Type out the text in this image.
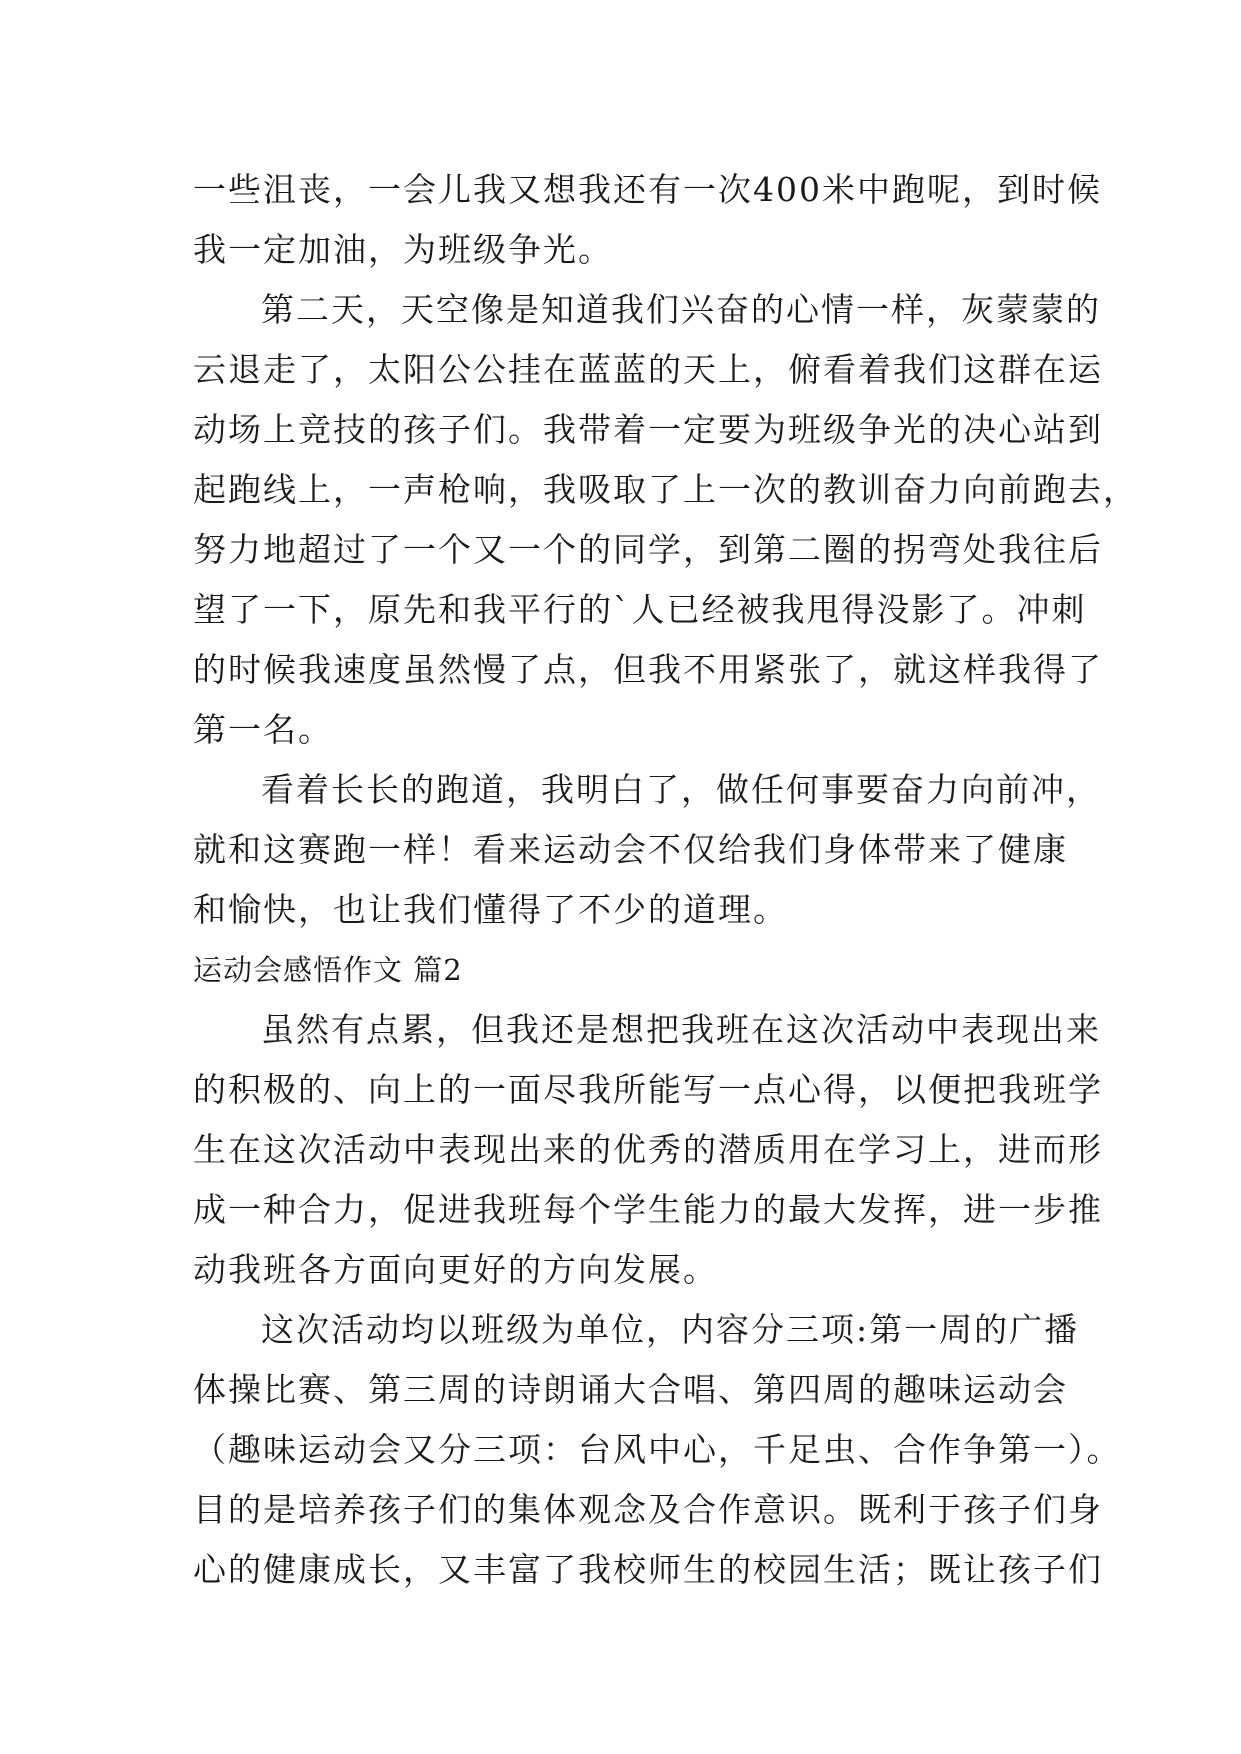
一些沮丧，一会儿我又想我还有一次400米中跑呢，到时候
我一定加油，为班级争光。
第二天，天空像是知道我们兴奋的心情一样，灰蒙蒙的
云退走了，太阳公公挂在蓝蓝的天上，俯看着我们这群在运
动场上竞技的孩子们。我带着一定要为班级争光的决心站到
起跑线上，一声枪响，我吸取了上一次的教训奋力向前跑去，
努力地超过了一个又一个的同学，到第二圈的拐弯处我往后
望了一下，原先和我平行的`人已经被我甩得没影了。冲刺
的时候我速度虽然慢了点，但我不用紧张了，就这样我得了
第一名。
看着长长的跑道，我明白了，做任何事要奋力向前冲，
就和这赛跑一样！看来运动会不仅给我们身体带来了健康
和愉快，也让我们懂得了不少的道理。
运动会感悟作文 篇2
虽然有点累，但我还是想把我班在这次活动中表现出来
的积极的、向上的一面尽我所能写一点心得，以便把我班学
生在这次活动中表现出来的优秀的潜质用在学习上，进而形
成一种合力，促进我班每个学生能力的最大发挥，进一步推
动我班各方面向更好的方向发展。
这次活动均以班级为单位，内容分三项:第一周的广播
体操比赛、第三周的诗朗诵大合唱、第四周的趣味运动会
（趣味运动会又分三项：台风中心，千足虫、合作争第一）。
目的是培养孩子们的集体观念及合作意识。既利于孩子们身
心的健康成长，又丰富了我校师生的校园生活；既让孩子们
